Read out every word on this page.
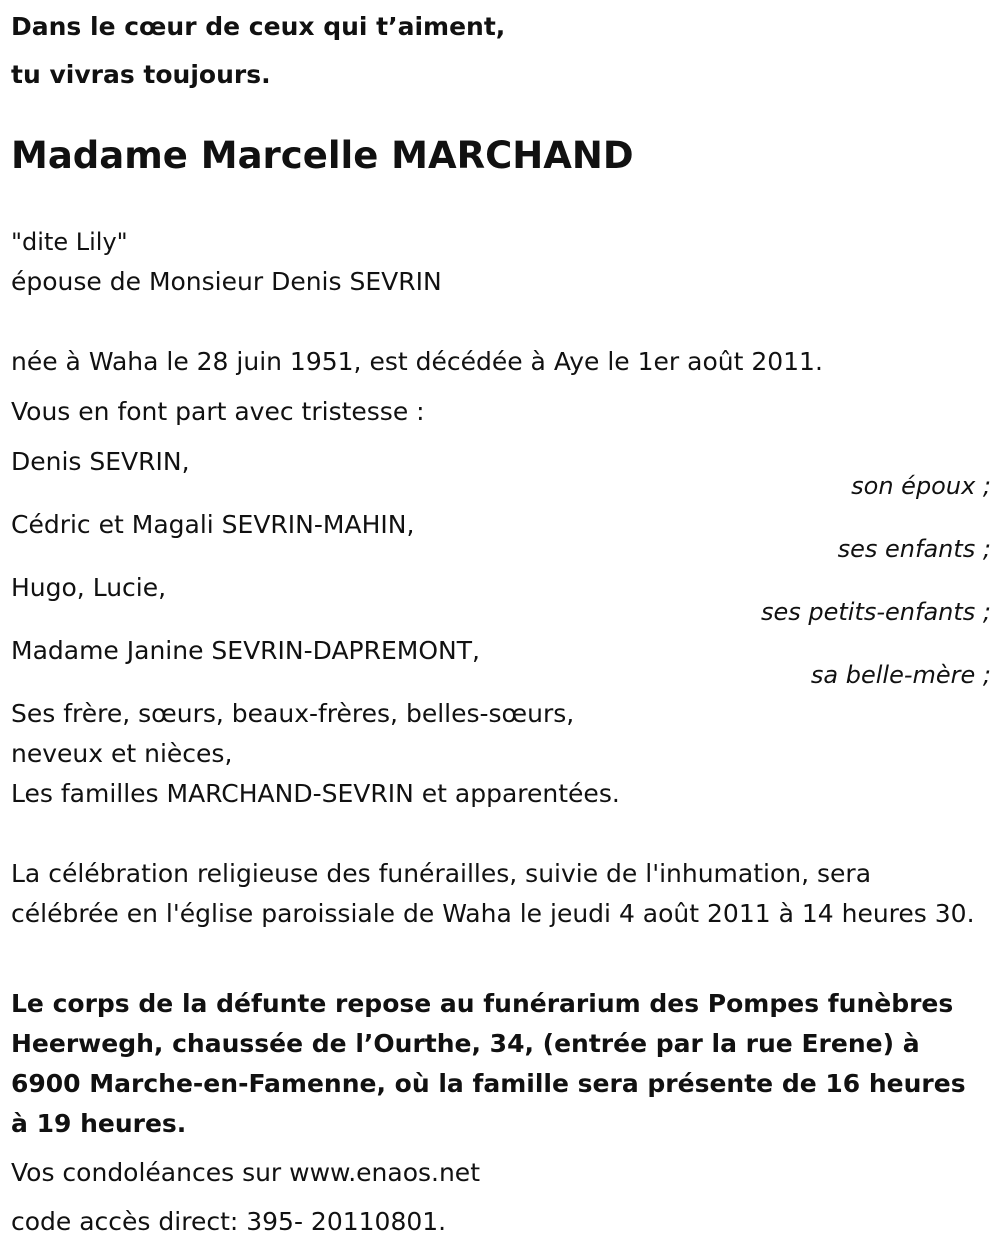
Dans le cœur de ceux qui t’aiment,
tu vivras toujours.
Madame Marcelle MARCHAND
"dite Lily"
épouse de Monsieur Denis SEVRIN
née à Waha le 28 juin 1951, est décédée à Aye le 1er août 2011.
Vous en font part avec tristesse :
Denis SEVRIN,
son époux ;
Cédric et Magali SEVRIN-MAHIN,
ses enfants ;
Hugo, Lucie,
ses petits-enfants ;
Madame Janine SEVRIN-DAPREMONT,
sa belle-mère ;
Ses frère, sœurs, beaux-frères, belles-sœurs,
neveux et nièces,
Les familles MARCHAND-SEVRIN et apparentées.
La célébration religieuse des funérailles, suivie de l'inhumation, sera célébrée en l'église paroissiale de Waha le jeudi 4 août 2011 à 14 heures 30.
Le corps de la défunte repose au funérarium des Pompes funèbres Heerwegh, chaussée de l’Ourthe, 34, (entrée par la rue Erene) à 6900 Marche-en-Famenne, où la famille sera présente de 16 heures à 19 heures.
Vos condoléances sur www.enaos.net
code accès direct: 395- 20110801.
